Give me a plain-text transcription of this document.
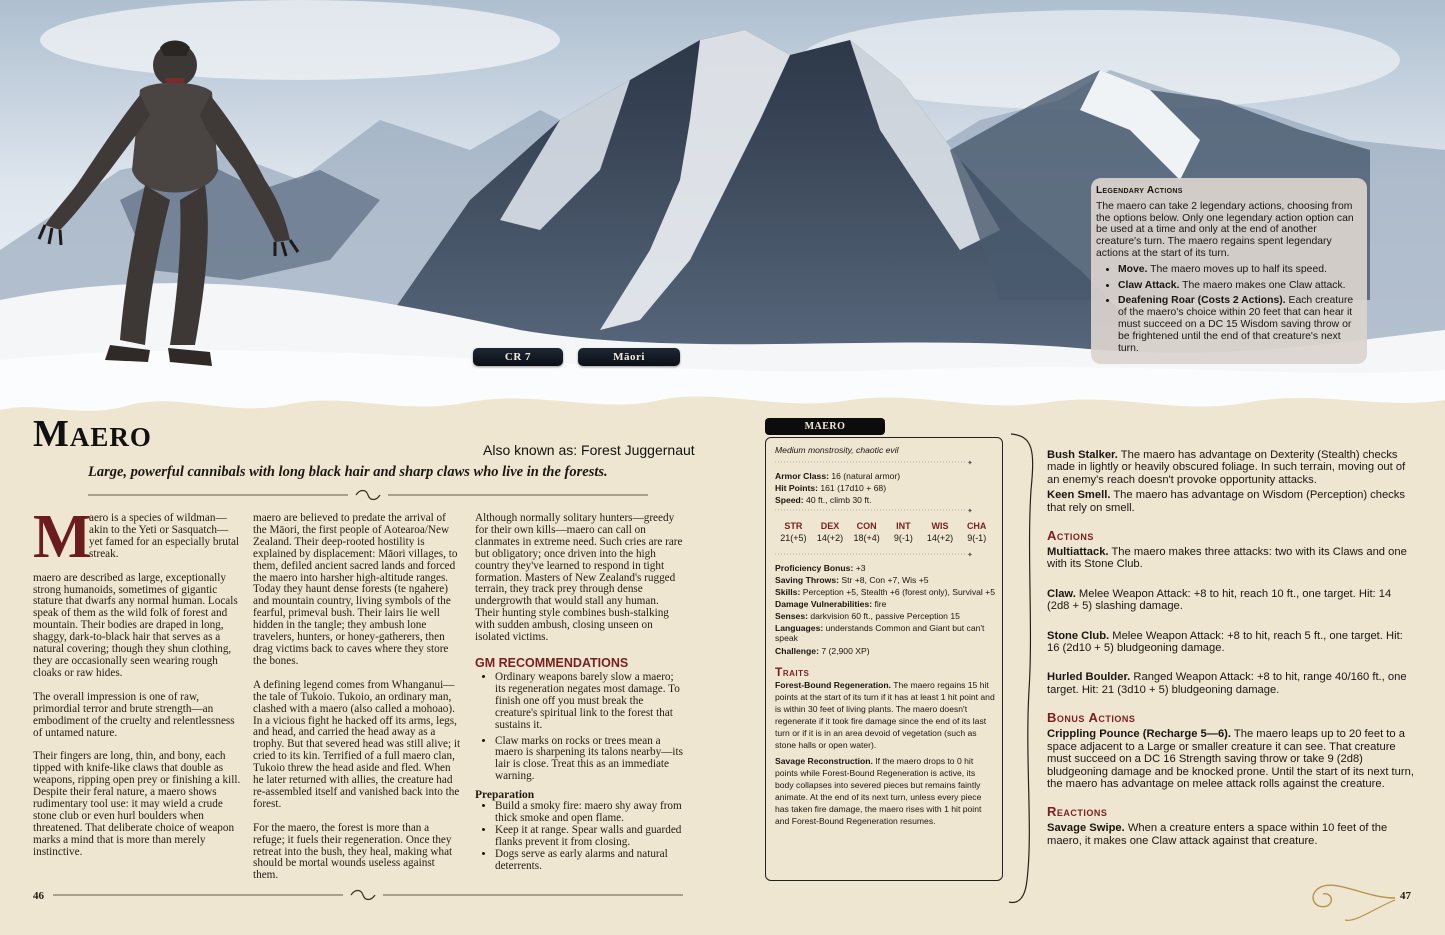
CR 7	Māori
Legendary Actions

The maero can take 2 legendary actions, choosing from the options below. Only one legendary action option can be used at a time and only at the end of another creature's turn. The maero regains spent legendary actions at the start of its turn.

• Move. The maero moves up to half its speed.
• Claw Attack. The maero makes one Claw attack.
• Deafening Roar (Costs 2 Actions). Each creature of the maero's choice within 20 feet that can hear it must succeed on a DC 15 Wisdom saving throw or be frightened until the end of that creature's next turn.
Maero	Also known as: Forest Juggernaut
Large, powerful cannibals with long black hair and sharp claws who live in the forests.
M

aero is a species of wildman—akin to the Yeti or Sasquatch—yet famed for an especially brutal streak.

maero are described as large, exceptionally strong humanoids, sometimes of gigantic stature that dwarfs any normal human. Locals speak of them as the wild folk of forest and mountain. Their bodies are draped in long, shaggy, dark-to-black hair that serves as a natural covering; though they shun clothing, they are occasionally seen wearing rough cloaks or raw hides.

The overall impression is one of raw, primordial terror and brute strength—an embodiment of the cruelty and relentlessness of untamed nature.

Their fingers are long, thin, and bony, each tipped with knife-like claws that double as weapons, ripping open prey or finishing a kill. Despite their feral nature, a maero shows rudimentary tool use: it may wield a crude stone club or even hurl boulders when threatened. That deliberate choice of weapon marks a mind that is more than merely instinctive.

maero are believed to predate the arrival of the Māori, the first people of Aotearoa/New Zealand. Their deep-rooted hostility is explained by displacement: Māori villages, to them, defiled ancient sacred lands and forced the maero into harsher high-altitude ranges. Today they haunt dense forests (te ngahere) and mountain country, living symbols of the fearful, primeval bush. Their lairs lie well hidden in the tangle; they ambush lone travelers, hunters, or honey-gatherers, then drag victims back to caves where they store the bones.

A defining legend comes from Whanganui—the tale of Tukoio. Tukoio, an ordinary man, clashed with a maero (also called a mohoao). In a vicious fight he hacked off its arms, legs, and head, and carried the head away as a trophy. But that severed head was still alive; it cried to its kin. Terrified of a full maero clan, Tukoio threw the head aside and fled. When he later returned with allies, the creature had re-assembled itself and vanished back into the forest.

For the maero, the forest is more than a refuge; it fuels their regeneration. Once they retreat into the bush, they heal, making what should be mortal wounds useless against them.

Although normally solitary hunters—greedy for their own kills—maero can call on clanmates in extreme need. Such cries are rare but obligatory; once driven into the high country they've learned to respond in tight formation. Masters of New Zealand's rugged terrain, they track prey through dense undergrowth that would stall any human. Their hunting style combines bush-stalking with sudden ambush, closing unseen on isolated victims.

GM RECOMMENDATIONS
• Ordinary weapons barely slow a maero; its regeneration negates most damage. To finish one off you must break the creature's spiritual link to the forest that sustains it.
• Claw marks on rocks or trees mean a maero is sharpening its talons nearby—its lair is close. Treat this as an immediate warning.
Preparation
• Build a smoky fire: maero shy away from thick smoke and open flame.
• Keep it at range. Spear walls and guarded flanks prevent it from closing.
• Dogs serve as early alarms and natural deterrents.
46
MAERO
Medium monstrosity, chaotic evil
✦
Armor Class: 16 (natural armor)
Hit Points: 161 (17d10 + 68)
Speed: 40 ft., climb 30 ft.
✦
STR
21(+5)
DEX
14(+2)
CON
18(+4)
INT
9(-1)
WIS
14(+2)
CHA
9(-1)
✦
Proficiency Bonus: +3
Saving Throws: Str +8, Con +7, Wis +5
Skills: Perception +5, Stealth +6 (forest only), Survival +5
Damage Vulnerabilities: fire
Senses: darkvision 60 ft., passive Perception 15
Languages: understands Common and Giant but can't speak
Challenge: 7 (2,900 XP)
Traits
Forest-Bound Regeneration. The maero regains 15 hit points at the start of its turn if it has at least 1 hit point and is within 30 feet of living plants. The maero doesn't regenerate if it took fire damage since the end of its last turn or if it is in an area devoid of vegetation (such as stone halls or open water).
Savage Reconstruction. If the maero drops to 0 hit points while Forest-Bound Regeneration is active, its body collapses into severed pieces but remains faintly animate. At the end of its next turn, unless every piece has taken fire damage, the maero rises with 1 hit point and Forest-Bound Regeneration resumes.

Bush Stalker. The maero has advantage on Dexterity (Stealth) checks made in lightly or heavily obscured foliage. In such terrain, moving out of an enemy's reach doesn't provoke opportunity attacks.

Keen Smell. The maero has advantage on Wisdom (Perception) checks that rely on smell.

Actions

Multiattack. The maero makes three attacks: two with its Claws and one with its Stone Club.

Claw. Melee Weapon Attack: +8 to hit, reach 10 ft., one target. Hit: 14 (2d8 + 5) slashing damage.

Stone Club. Melee Weapon Attack: +8 to hit, reach 5 ft., one target. Hit: 16 (2d10 + 5) bludgeoning damage.

Hurled Boulder. Ranged Weapon Attack: +8 to hit, range 40/160 ft., one target. Hit: 21 (3d10 + 5) bludgeoning damage.

Bonus Actions

Crippling Pounce (Recharge 5—6). The maero leaps up to 20 feet to a space adjacent to a Large or smaller creature it can see. That creature must succeed on a DC 16 Strength saving throw or take 9 (2d8) bludgeoning damage and be knocked prone. Until the start of its next turn, the maero has advantage on melee attack rolls against the creature.

Reactions

Savage Swipe. When a creature enters a space within 10 feet of the maero, it makes one Claw attack against that creature.

47
